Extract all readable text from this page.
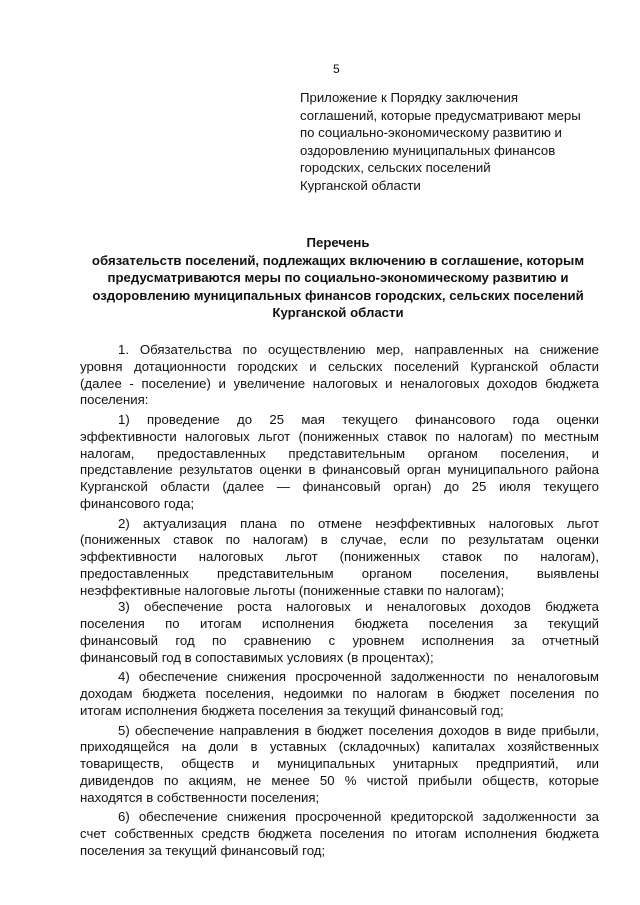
5
Приложение к Порядку заключения
соглашений, которые предусматривают меры
по социально-экономическому развитию и
оздоровлению муниципальных финансов
городских, сельских поселений
Курганской области
Перечень
обязательств поселений, подлежащих включению в соглашение, которым
предусматриваются меры по социально-экономическому развитию и
оздоровлению муниципальных финансов городских, сельских поселений
Курганской области
1. Обязательства по осуществлению мер, направленных на снижение
уровня дотационности городских и сельских поселений Курганской области
(далее - поселение) и увеличение налоговых и неналоговых доходов бюджета
поселения:
1) проведение до 25 мая текущего финансового года оценки
эффективности налоговых льгот (пониженных ставок по налогам) по местным
налогам, предоставленных представительным органом поселения, и
представление результатов оценки в финансовый орган муниципального района
Курганской области (далее — финансовый орган) до 25 июля текущего
финансового года;
2) актуализация плана по отмене неэффективных налоговых льгот
(пониженных ставок по налогам) в случае, если по результатам оценки
эффективности налоговых льгот (пониженных ставок по налогам),
предоставленных представительным органом поселения, выявлены
неэффективные налоговые льготы (пониженные ставки по налогам);
3) обеспечение роста налоговых и неналоговых доходов бюджета
поселения по итогам исполнения бюджета поселения за текущий
финансовый год по сравнению с уровнем исполнения за отчетный
финансовый год в сопоставимых условиях (в процентах);
4) обеспечение снижения просроченной задолженности по неналоговым
доходам бюджета поселения, недоимки по налогам в бюджет поселения по
итогам исполнения бюджета поселения за текущий финансовый год;
5) обеспечение направления в бюджет поселения доходов в виде прибыли,
приходящейся на доли в уставных (складочных) капиталах хозяйственных
товариществ, обществ и муниципальных унитарных предприятий, или
дивидендов по акциям, не менее 50 % чистой прибыли обществ, которые
находятся в собственности поселения;
6) обеспечение снижения просроченной кредиторской задолженности за
счет собственных средств бюджета поселения по итогам исполнения бюджета
поселения за текущий финансовый год;
